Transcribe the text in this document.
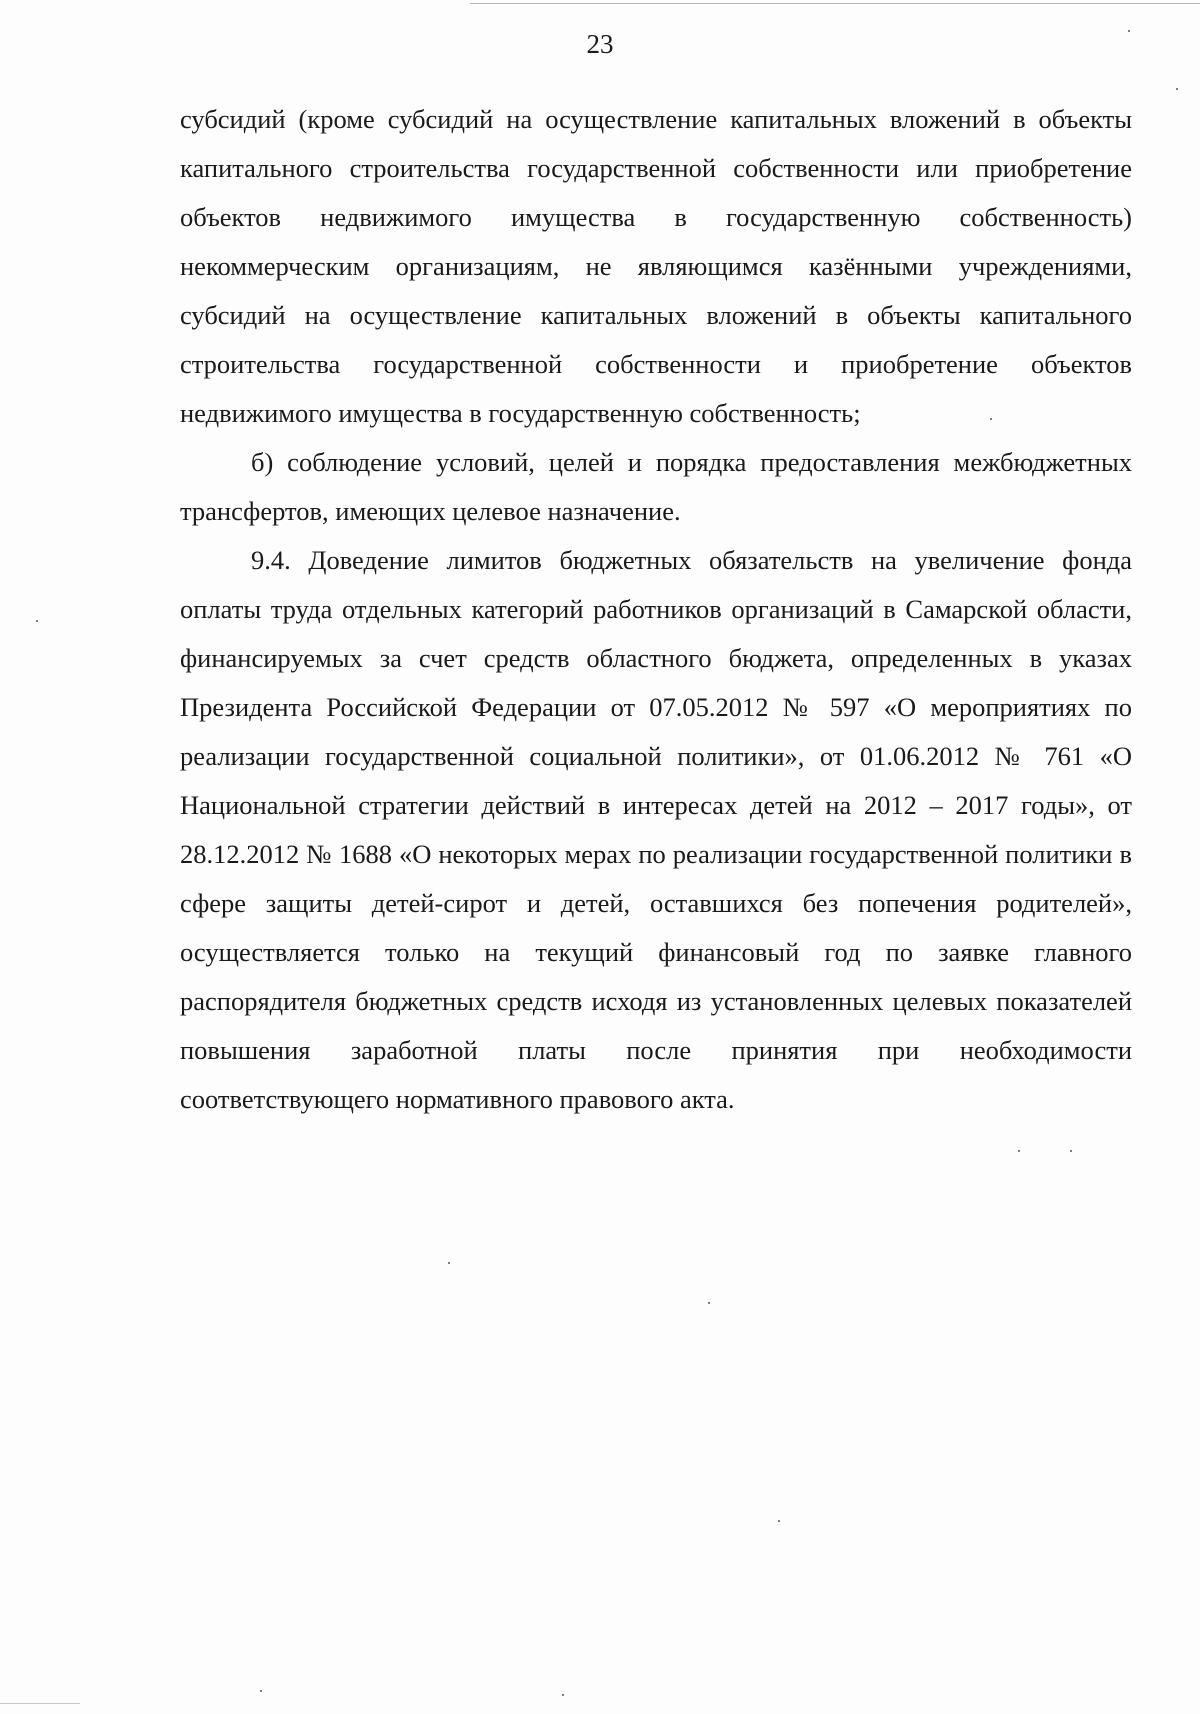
23

субсидий (кроме субсидий на осуществление капитальных вложений в объекты капитального строительства государственной собственности или приобретение объектов недвижимого имущества в государственную собственность) некоммерческим организациям, не являющимся казёнными учреждениями, субсидий на осуществление капитальных вложений в объекты капитального строительства государственной собственности и приобретение объектов недвижимого имущества в государственную собственность;

б) соблюдение условий, целей и порядка предоставления межбюджетных трансфертов, имеющих целевое назначение.

9.4. Доведение лимитов бюджетных обязательств на увеличение фонда оплаты труда отдельных категорий работников организаций в Самарской области, финансируемых за счет средств областного бюджета, определенных в указах Президента Российской Федерации от 07.05.2012 № 597 «О мероприятиях по реализации государственной социальной политики», от 01.06.2012 № 761 «О Национальной стратегии действий в интересах детей на 2012 – 2017 годы», от 28.12.2012 № 1688 «О некоторых мерах по реализации государственной политики в сфере защиты детей-сирот и детей, оставшихся без попечения родителей», осуществляется только на текущий финансовый год по заявке главного распорядителя бюджетных средств исходя из установленных целевых показателей повышения заработной платы после принятия при необходимости соответствующего нормативного правового акта.
